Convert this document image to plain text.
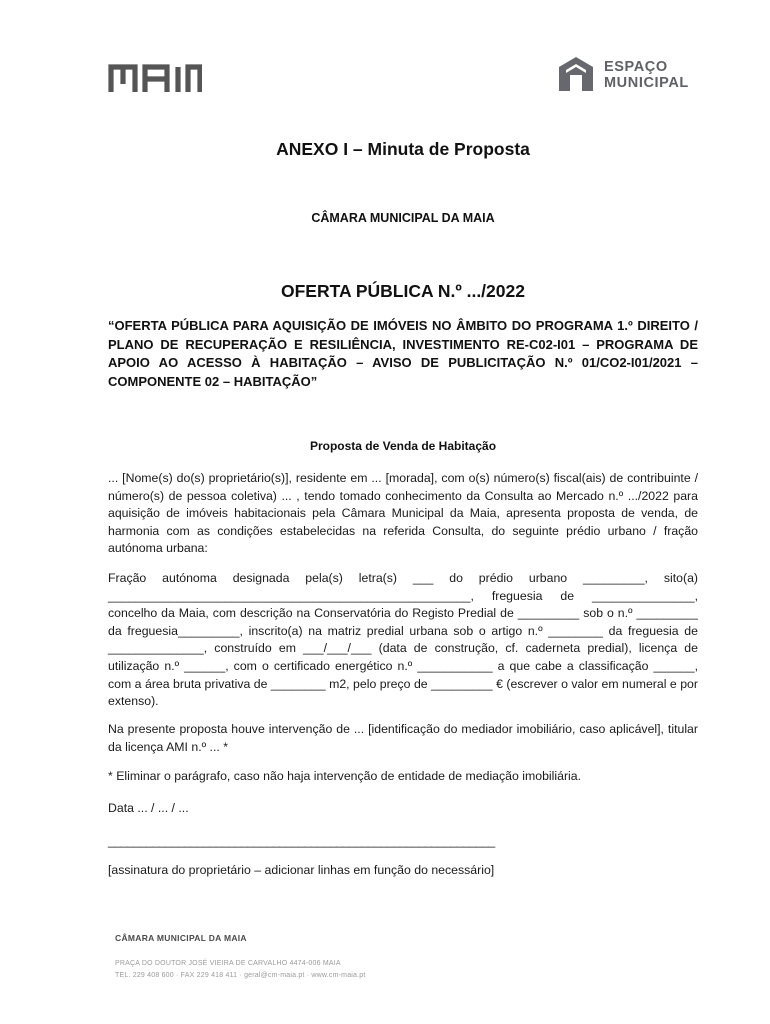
ESPAÇO
MUNICIPAL
ANEXO I – Minuta de Proposta
CÂMARA MUNICIPAL DA MAIA
OFERTA PÚBLICA N.º .../2022
“OFERTA PÚBLICA PARA AQUISIÇÃO DE IMÓVEIS NO ÂMBITO DO PROGRAMA 1.º DIREITO / PLANO DE RECUPERAÇÃO E RESILIÊNCIA, INVESTIMENTO RE-C02-I01 – PROGRAMA DE APOIO AO ACESSO À HABITAÇÃO – AVISO DE PUBLICITAÇÃO N.º 01/CO2-I01/2021 – COMPONENTE 02 – HABITAÇÃO”
Proposta de Venda de Habitação

... [Nome(s) do(s) proprietário(s)], residente em ... [morada], com o(s) número(s) fiscal(ais) de contribuinte / número(s) de pessoa coletiva) ... , tendo tomado conhecimento da Consulta ao Mercado n.º .../2022 para aquisição de imóveis habitacionais pela Câmara Municipal da Maia, apresenta proposta de venda, de harmonia com as condições estabelecidas na referida Consulta, do seguinte prédio urbano / fração autónoma urbana:

Fração autónoma designada pela(s) letra(s) ___ do prédio urbano _________, sito(a) _____________________________________________________, freguesia de _______________, concelho da Maia, com descrição na Conservatória do Registo Predial de _________ sob o n.º _________ da freguesia_________, inscrito(a) na matriz predial urbana sob o artigo n.º ________ da freguesia de ______________, construído em ___/___/___ (data de construção, cf. caderneta predial), licença de utilização n.º ______, com o certificado energético n.º ___________ a que cabe a classificação ______, com a área bruta privativa de ________ m2, pelo preço de _________ € (escrever o valor em numeral e por extenso).

Na presente proposta houve intervenção de ... [identificação do mediador imobiliário, caso aplicável], titular da licença AMI n.º ... *

* Eliminar o parágrafo, caso não haja intervenção de entidade de mediação imobiliária.

Data ... / ... / ...

_____________________________________________________________

[assinatura do proprietário – adicionar linhas em função do necessário]

CÂMARA MUNICIPAL DA MAIA
PRAÇA DO DOUTOR JOSÉ VIEIRA DE CARVALHO 4474-006 MAIA
TEL. 229 408 600 · FAX 229 418 411 · geral@cm-maia.pt · www.cm-maia.pt
